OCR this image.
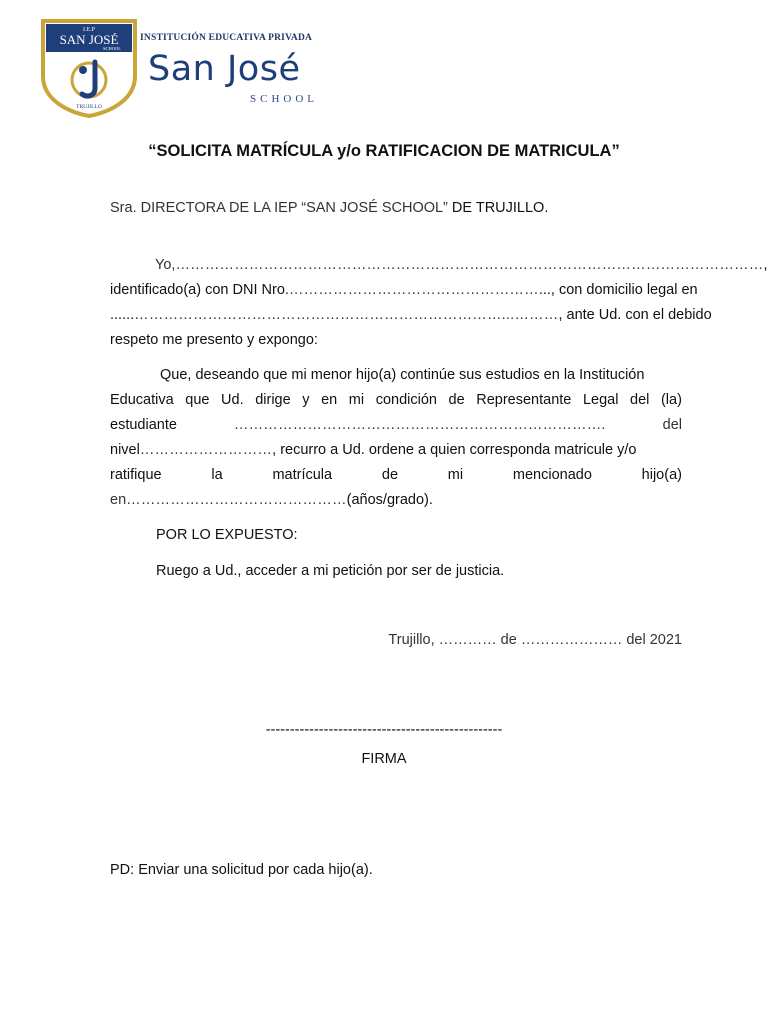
I.E.P
SAN JOSÉ
SCHOOL
TRUJILLO
INSTITUCIÓN EDUCATIVA PRIVADA
San José
SCHOOL
“SOLICITA MATRÍCULA y/o RATIFICACION DE MATRICULA”
Sra. DIRECTORA DE LA IEP “SAN JOSÉ SCHOOL” DE TRUJILLO.
Yo, ………………………………………………………………………………………………………… ,
identificado(a) con DNI Nro. …………………………………………… ..., con domicilio legal en
...... …………………………………………………………………...……… , ante Ud. con el debido
respeto me presento y expongo:
Que, deseando que mi menor hijo(a) continúe sus estudios en la Institución
Educativa que Ud. dirige y en mi condición de Representante Legal del (la)
estudiante	………………………………………………………………….	del
nivel………………………, recurro a Ud. ordene a quien corresponda matricule y/o
ratifique	la	matrícula	de	mi	mencionado	hijo(a)
en………………………………………(años/grado).
POR LO EXPUESTO:
Ruego a Ud., acceder a mi petición por ser de justicia.
Trujillo, ………… de ………………… del 2021
-------------------------------------------------
FIRMA
PD: Enviar una solicitud por cada hijo(a).
